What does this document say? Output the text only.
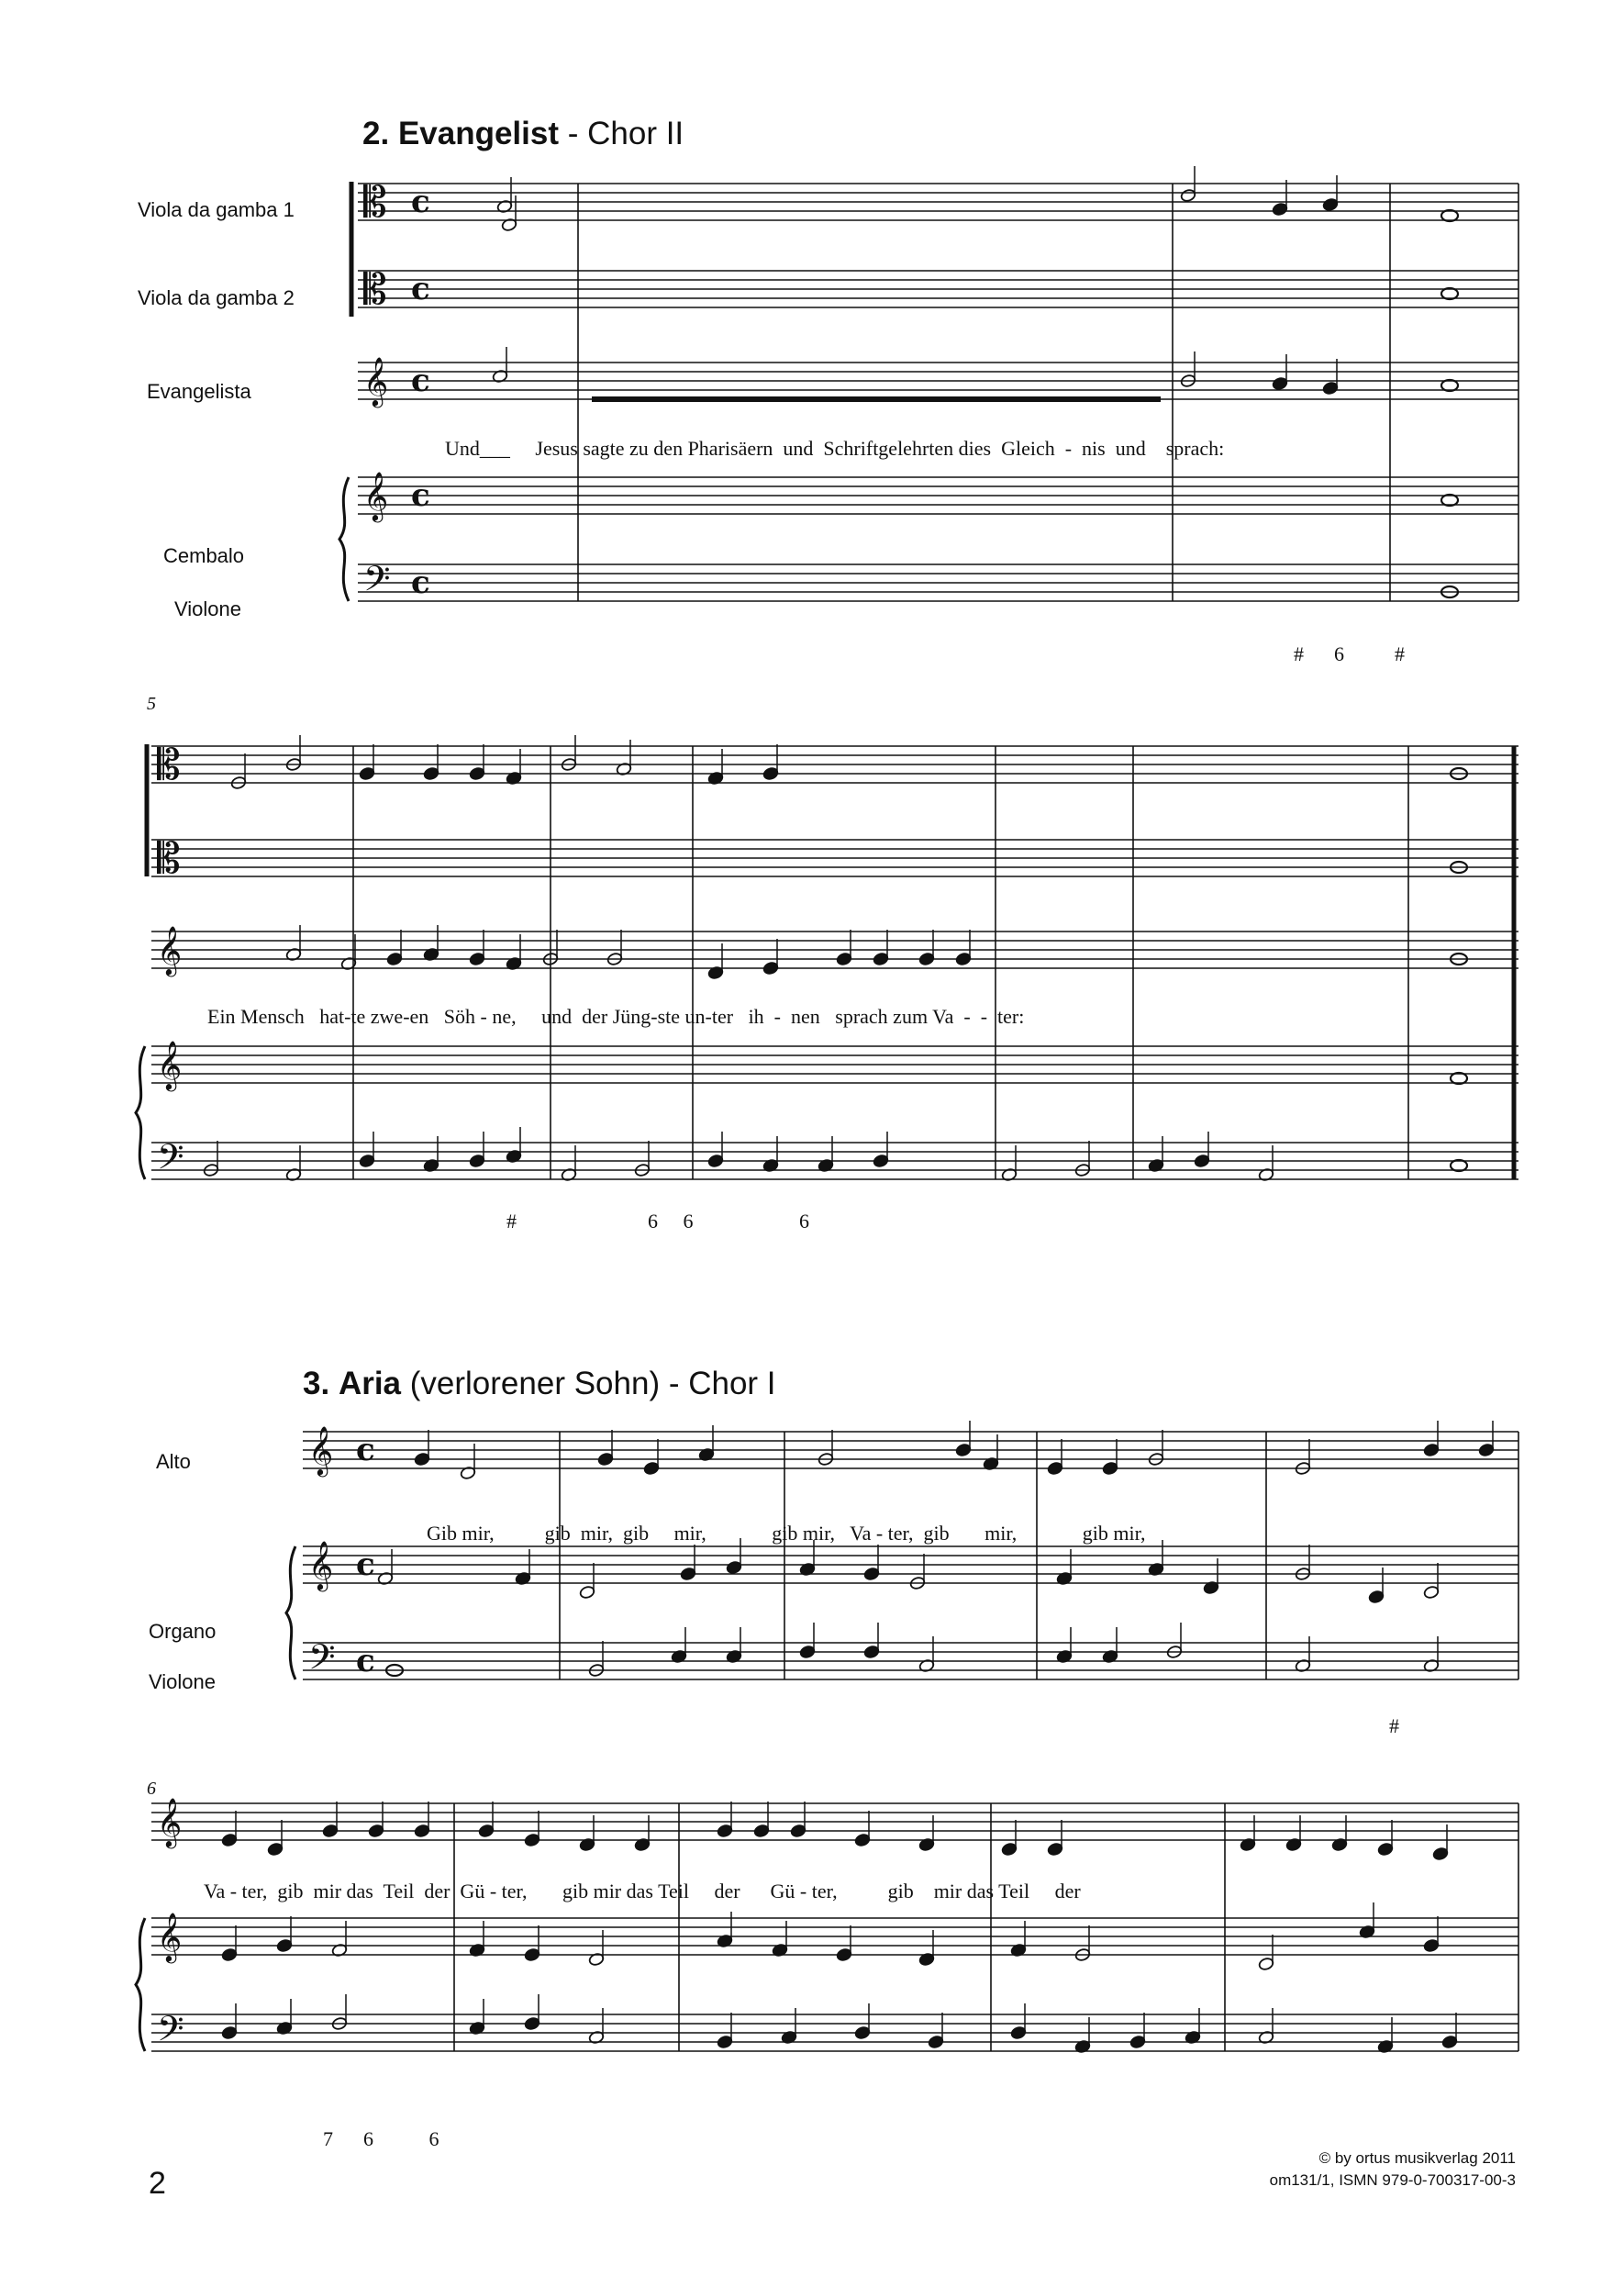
2. Evangelist - Chor II
3. Aria (verlorener Sohn) - Chor I
Viola da gamba 1
Viola da gamba 2
Evangelista
Cembalo
Violone
Alto
Organo
Violone
5
6
Und___     Jesus sagte zu den Pharisäern  und  Schriftgelehrten dies  Gleich  -  nis  und    sprach:
Ein Mensch   hat-te zwe-en   Söh - ne,     und  der Jüng-ste un-ter   ih  -  nen   sprach zum Va  -  -  ter:
Gib mir,          gib  mir,  gib     mir,             gib mir,   Va - ter,  gib       mir,             gib mir,
Va - ter,  gib  mir das  Teil  der  Gü - ter,       gib mir das Teil     der      Gü - ter,          gib    mir das Teil     der
#      6          #
#                          6     6                     6
#
7      6           6
2
© by ortus musikverlag 2011
om131/1, ISMN 979-0-700317-00-3
𝄡 c
𝄡 c
𝄞 c
𝄞 c
𝄢 c
𝄡
𝄡
𝄞
𝄞
𝄢
𝄞 c
𝄞 c
𝄢 c
𝄞
𝄞
𝄢
